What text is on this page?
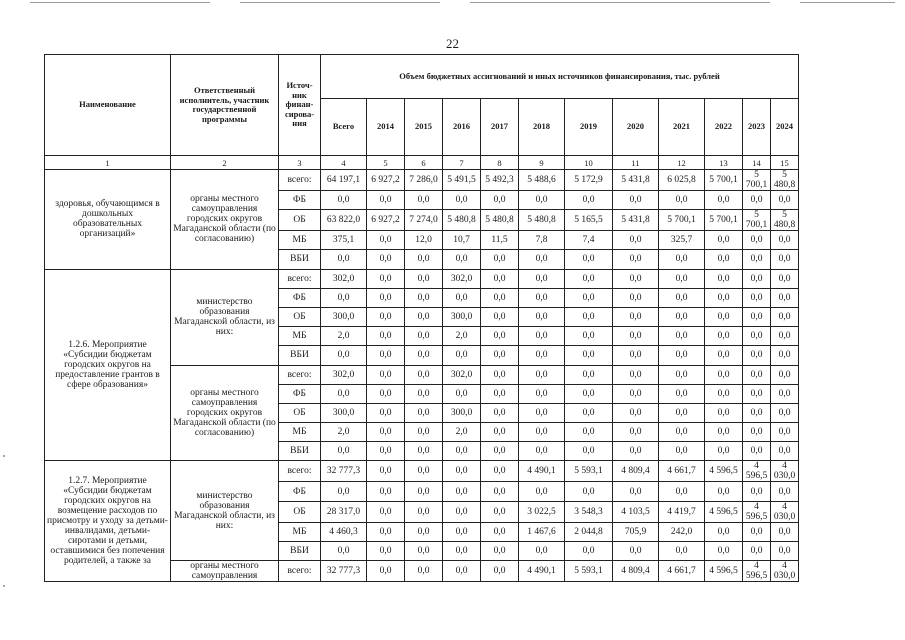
22
Наименование	Ответственный исполнитель, участник государственной программы	Источ-ник финан-сирова-ния	Объем бюджетных ассигнований и иных источников финансирования, тыс. рублей											
			Всего	2014	2015	2016	2017	2018	2019	2020	2021	2022	2023	2024
1	2	3	4	5	6	7	8	9	10	11	12	13	14	15
здоровья, обучающимся в дошкольных образовательных организаций»	органы местного самоуправления городских округов Магаданской области (по согласованию)	всего:	64 197,1	6 927,2	7 286,0	5 491,5	5 492,3	5 488,6	5 172,9	5 431,8	6 025,8	5 700,1	5 700,1	5 480,8
		ФБ	0,0	0,0	0,0	0,0	0,0	0,0	0,0	0,0	0,0	0,0	0,0	0,0
		ОБ	63 822,0	6 927,2	7 274,0	5 480,8	5 480,8	5 480,8	5 165,5	5 431,8	5 700,1	5 700,1	5 700,1	5 480,8
		МБ	375,1	0,0	12,0	10,7	11,5	7,8	7,4	0,0	325,7	0,0	0,0	0,0
		ВБИ	0,0	0,0	0,0	0,0	0,0	0,0	0,0	0,0	0,0	0,0	0,0	0,0
1.2.6. Мероприятие «Субсидии бюджетам городских округов на предоставление грантов в сфере образования»	министерство образования Магаданской области, из них:	всего:	302,0	0,0	0,0	302,0	0,0	0,0	0,0	0,0	0,0	0,0	0,0	0,0
		ФБ	0,0	0,0	0,0	0,0	0,0	0,0	0,0	0,0	0,0	0,0	0,0	0,0
		ОБ	300,0	0,0	0,0	300,0	0,0	0,0	0,0	0,0	0,0	0,0	0,0	0,0
		МБ	2,0	0,0	0,0	2,0	0,0	0,0	0,0	0,0	0,0	0,0	0,0	0,0
		ВБИ	0,0	0,0	0,0	0,0	0,0	0,0	0,0	0,0	0,0	0,0	0,0	0,0
	органы местного самоуправления городских округов Магаданской области (по согласованию)	всего:	302,0	0,0	0,0	302,0	0,0	0,0	0,0	0,0	0,0	0,0	0,0	0,0
		ФБ	0,0	0,0	0,0	0,0	0,0	0,0	0,0	0,0	0,0	0,0	0,0	0,0
		ОБ	300,0	0,0	0,0	300,0	0,0	0,0	0,0	0,0	0,0	0,0	0,0	0,0
		МБ	2,0	0,0	0,0	2,0	0,0	0,0	0,0	0,0	0,0	0,0	0,0	0,0
		ВБИ	0,0	0,0	0,0	0,0	0,0	0,0	0,0	0,0	0,0	0,0	0,0	0,0
1.2.7. Мероприятие «Субсидии бюджетам городских округов на возмещение расходов по присмотру и уходу за детьми-инвалидами, детьми-сиротами и детьми, оставшимися без попечения родителей, а также за	министерство образования Магаданской области, из них:	всего:	32 777,3	0,0	0,0	0,0	0,0	4 490,1	5 593,1	4 809,4	4 661,7	4 596,5	4 596,5	4 030,0
		ФБ	0,0	0,0	0,0	0,0	0,0	0,0	0,0	0,0	0,0	0,0	0,0	0,0
		ОБ	28 317,0	0,0	0,0	0,0	0,0	3 022,5	3 548,3	4 103,5	4 419,7	4 596,5	4 596,5	4 030,0
		МБ	4 460,3	0,0	0,0	0,0	0,0	1 467,6	2 044,8	705,9	242,0	0,0	0,0	0,0
		ВБИ	0,0	0,0	0,0	0,0	0,0	0,0	0,0	0,0	0,0	0,0	0,0	0,0
	органы местного самоуправления	всего:	32 777,3	0,0	0,0	0,0	0,0	4 490,1	5 593,1	4 809,4	4 661,7	4 596,5	4 596,5	4 030,0
